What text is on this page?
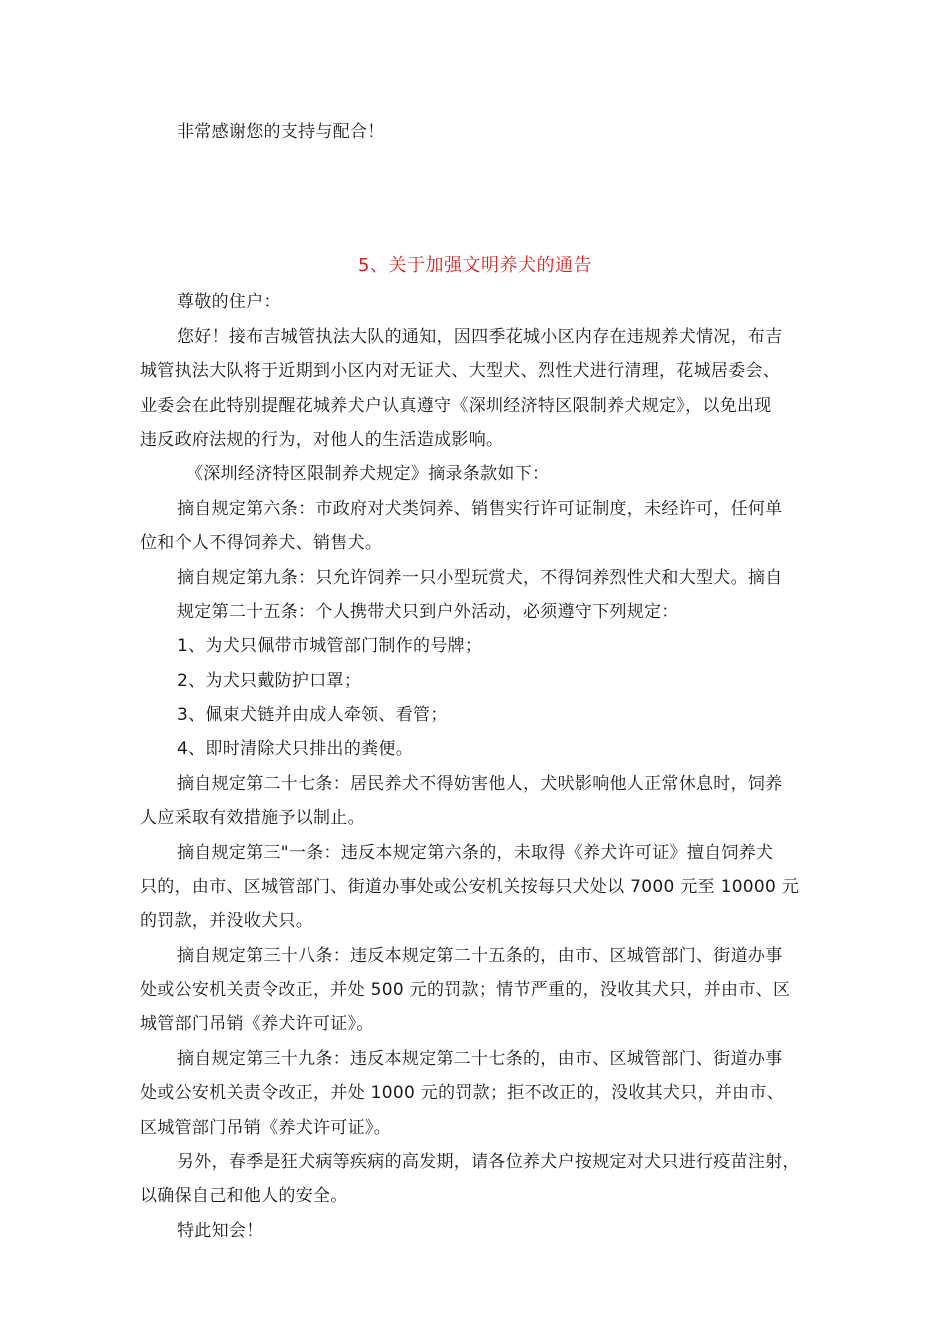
非常感谢您的支持与配合！
5、关于加强文明养犬的通告
尊敬的住户：
您好！接布吉城管执法大队的通知，因四季花城小区内存在违规养犬情况，布吉
城管执法大队将于近期到小区内对无证犬、大型犬、烈性犬进行清理，花城居委会、
业委会在此特别提醒花城养犬户认真遵守《深圳经济特区限制养犬规定》，以免出现
违反政府法规的行为，对他人的生活造成影响。
《深圳经济特区限制养犬规定》摘录条款如下：
摘自规定第六条：市政府对犬类饲养、销售实行许可证制度，未经许可，任何单
位和个人不得饲养犬、销售犬。
摘自规定第九条：只允许饲养一只小型玩赏犬，不得饲养烈性犬和大型犬。摘自
规定第二十五条：个人携带犬只到户外活动，必须遵守下列规定：
1、为犬只佩带市城管部门制作的号牌；
2、为犬只戴防护口罩；
3、佩束犬链并由成人牵领、看管；
4、即时清除犬只排出的粪便。
摘自规定第二十七条：居民养犬不得妨害他人，犬吠影响他人正常休息时，饲养
人应采取有效措施予以制止。
摘自规定第三"一条：违反本规定第六条的，未取得《养犬许可证》擅自饲养犬
只的，由市、区城管部门、街道办事处或公安机关按每只犬处以 7000 元至 10000 元
的罚款，并没收犬只。
摘自规定第三十八条：违反本规定第二十五条的，由市、区城管部门、街道办事
处或公安机关责令改正，并处 500 元的罚款；情节严重的，没收其犬只，并由市、区
城管部门吊销《养犬许可证》。
摘自规定第三十九条：违反本规定第二十七条的，由市、区城管部门、街道办事
处或公安机关责令改正，并处 1000 元的罚款；拒不改正的，没收其犬只，并由市、
区城管部门吊销《养犬许可证》。
另外，春季是狂犬病等疾病的高发期，请各位养犬户按规定对犬只进行疫苗注射，
以确保自己和他人的安全。
特此知会！
